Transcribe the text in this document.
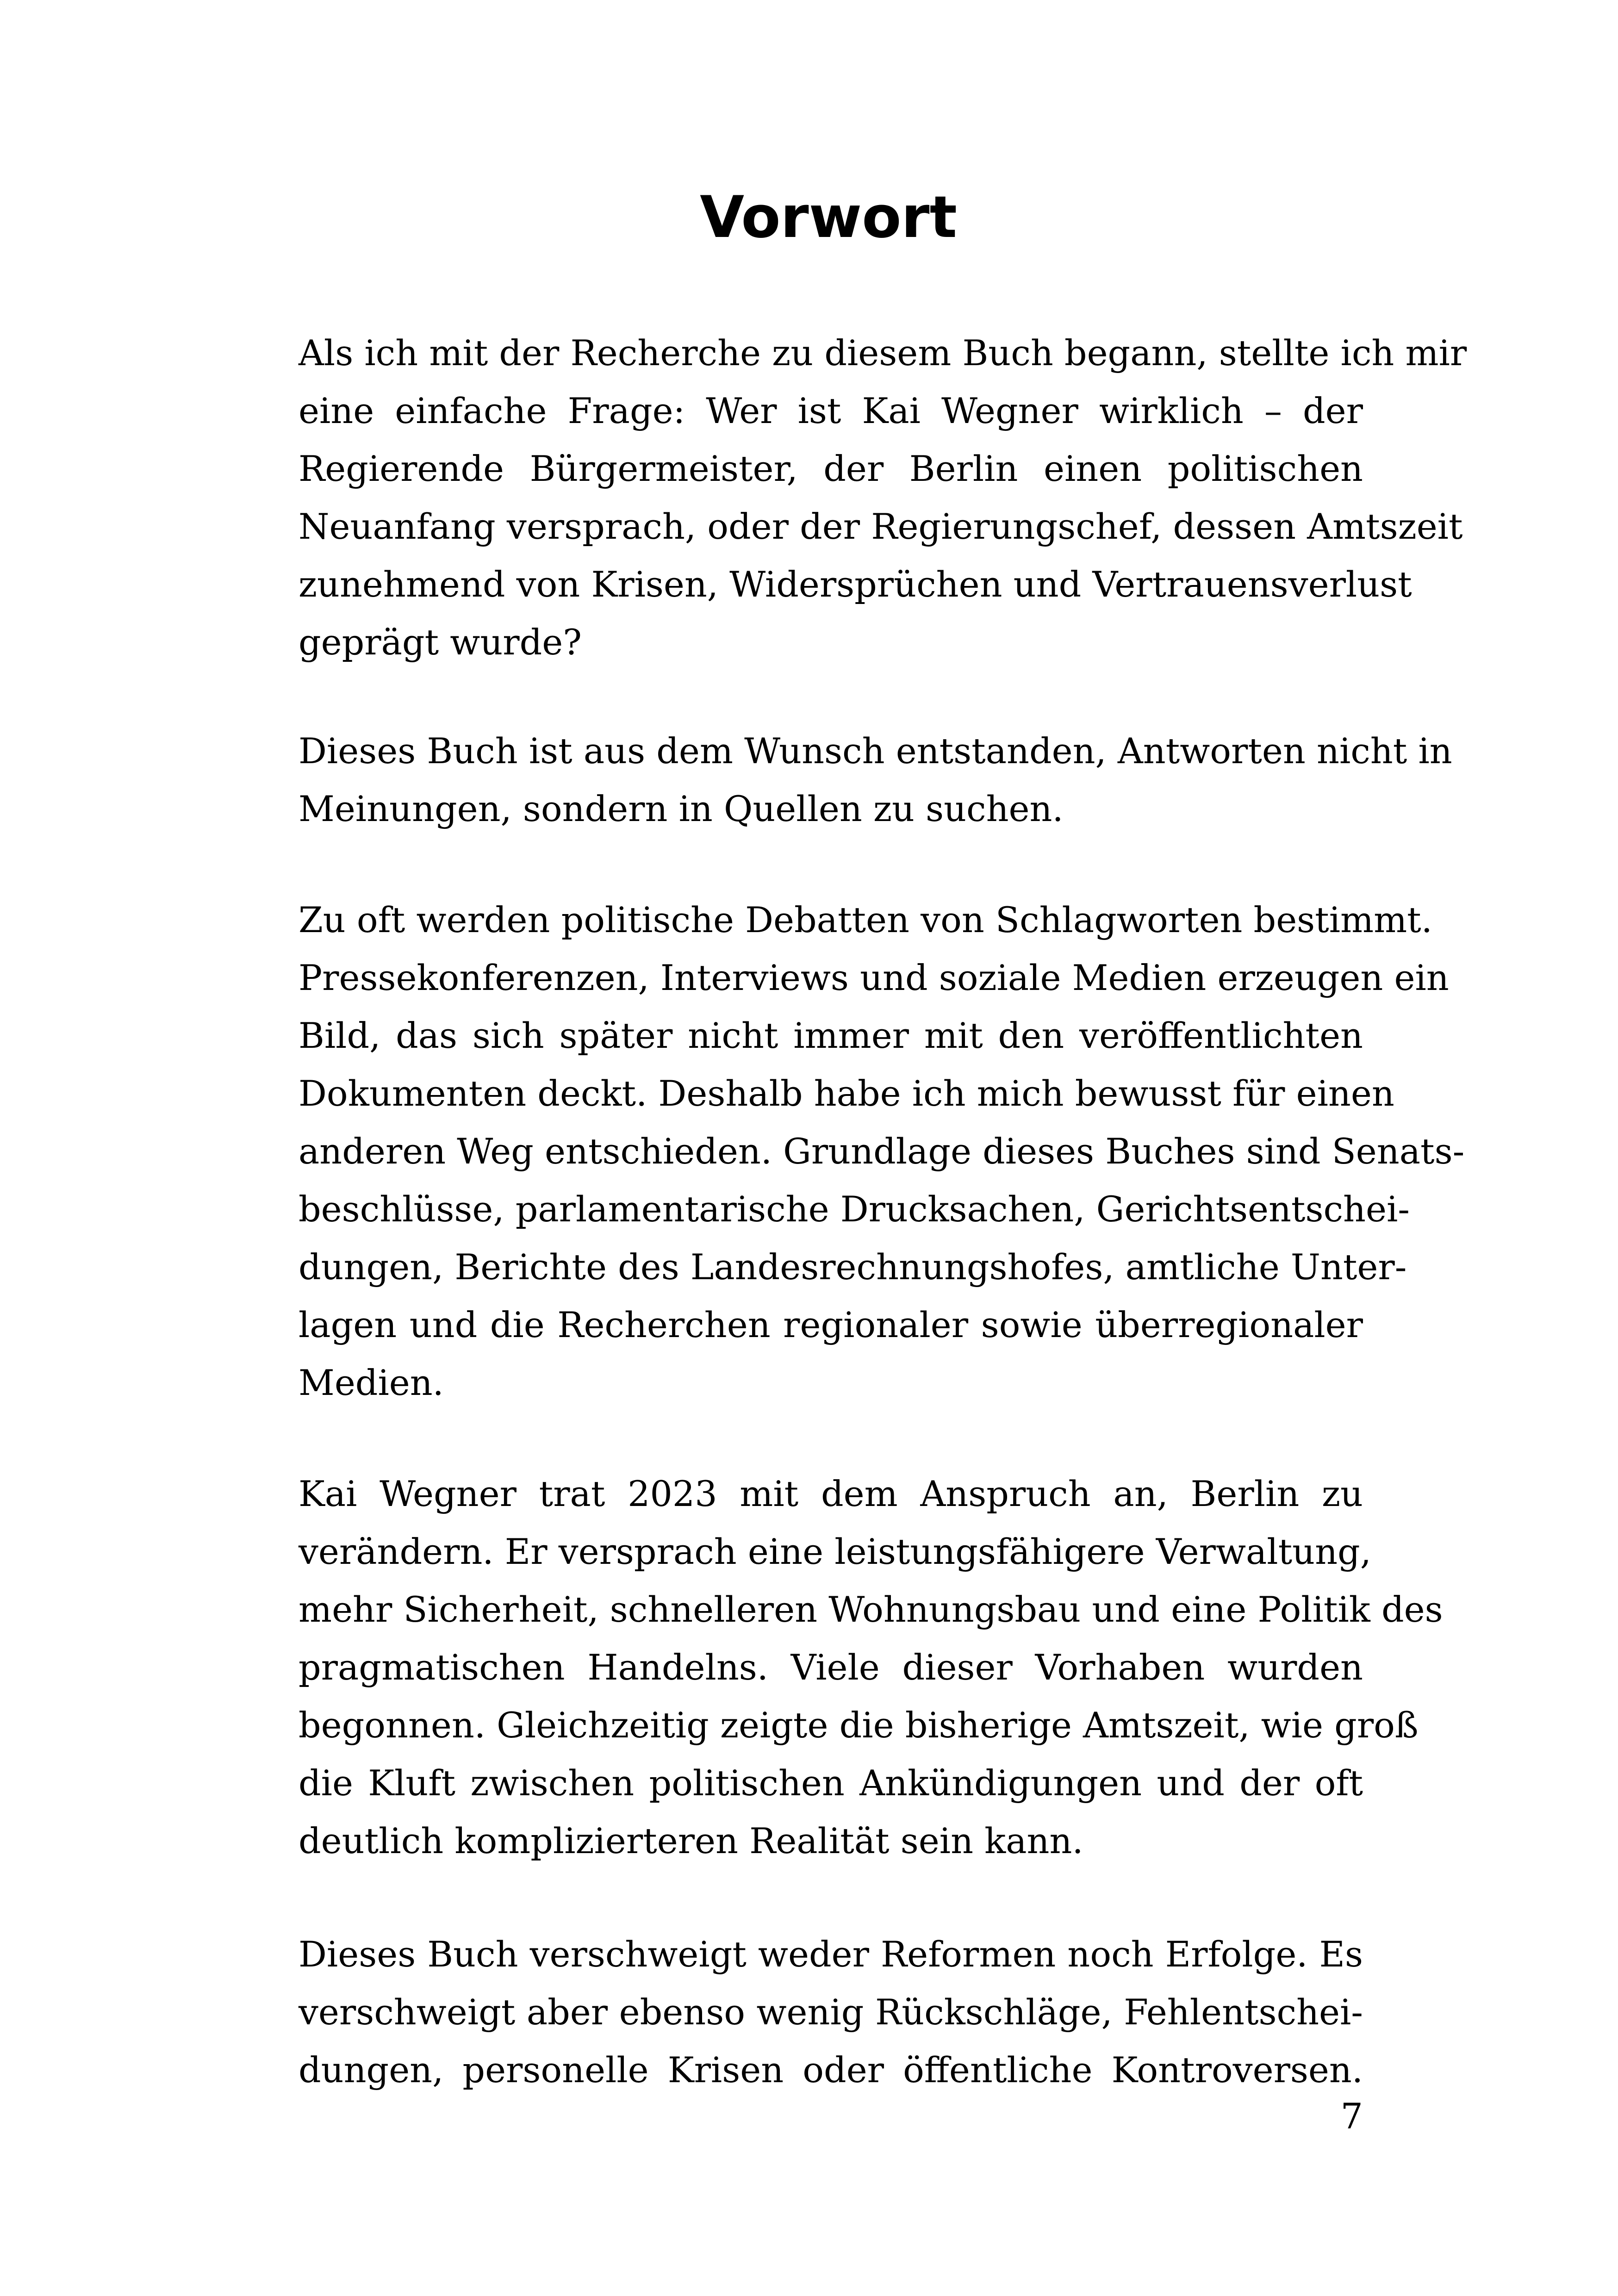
Vorwort

Als ich mit der Recherche zu diesem Buch begann, stellte ich mir

eine einfache Frage: Wer ist Kai Wegner wirklich – der

Regierende Bürgermeister, der Berlin einen politischen

Neuanfang versprach, oder der Regierungschef, dessen Amtszeit

zunehmend von Krisen, Widersprüchen und Vertrauensverlust

geprägt wurde?

Dieses Buch ist aus dem Wunsch entstanden, Antworten nicht in

Meinungen, sondern in Quellen zu suchen.

Zu oft werden politische Debatten von Schlagworten bestimmt.

Pressekonferenzen, Interviews und soziale Medien erzeugen ein

Bild, das sich später nicht immer mit den veröffentlichten

Dokumenten deckt. Deshalb habe ich mich bewusst für einen

anderen Weg entschieden. Grundlage dieses Buches sind Senats-

beschlüsse, parlamentarische Drucksachen, Gerichtsentschei-

dungen, Berichte des Landesrechnungshofes, amtliche Unter-

lagen und die Recherchen regionaler sowie überregionaler

Medien.

Kai Wegner trat 2023 mit dem Anspruch an, Berlin zu

verändern. Er versprach eine leistungsfähigere Verwaltung,

mehr Sicherheit, schnelleren Wohnungsbau und eine Politik des

pragmatischen Handelns. Viele dieser Vorhaben wurden

begonnen. Gleichzeitig zeigte die bisherige Amtszeit, wie groß

die Kluft zwischen politischen Ankündigungen und der oft

deutlich komplizierteren Realität sein kann.

Dieses Buch verschweigt weder Reformen noch Erfolge. Es

verschweigt aber ebenso wenig Rückschläge, Fehlentschei-

dungen, personelle Krisen oder öffentliche Kontroversen.

7
